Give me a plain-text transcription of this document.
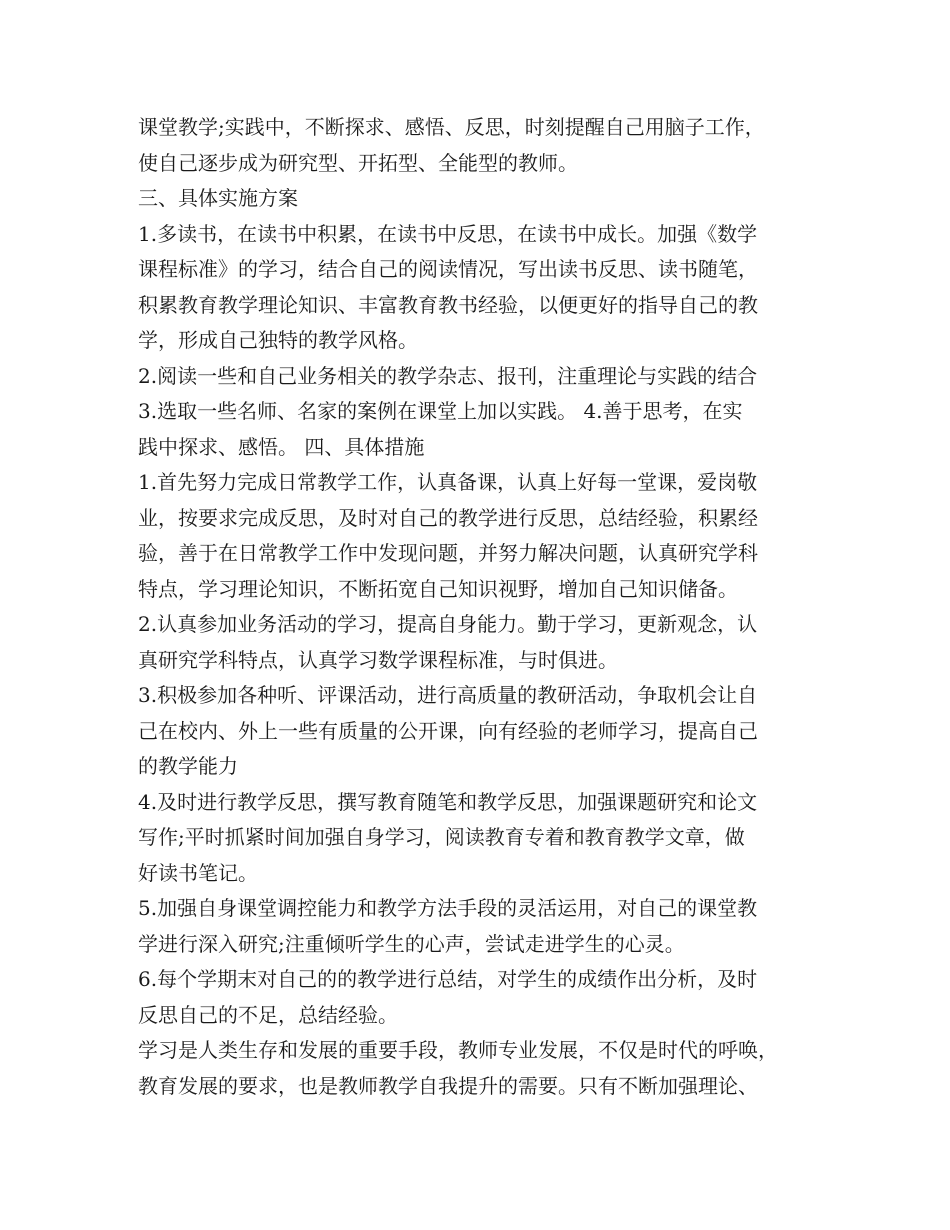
课堂教学;实践中，不断探求、感悟、反思，时刻提醒自己用脑子工作，
使自己逐步成为研究型、开拓型、全能型的教师。
三、具体实施方案
1.多读书，在读书中积累，在读书中反思，在读书中成长。加强《数学
课程标准》的学习，结合自己的阅读情况，写出读书反思、读书随笔，
积累教育教学理论知识、丰富教育教书经验，以便更好的指导自己的教
学，形成自己独特的教学风格。
2.阅读一些和自己业务相关的教学杂志、报刊，注重理论与实践的结合
3.选取一些名师、名家的案例在课堂上加以实践。 4.善于思考，在实
践中探求、感悟。 四、具体措施
1.首先努力完成日常教学工作，认真备课，认真上好每一堂课，爱岗敬
业，按要求完成反思，及时对自己的教学进行反思，总结经验，积累经
验，善于在日常教学工作中发现问题，并努力解决问题，认真研究学科
特点，学习理论知识，不断拓宽自己知识视野，增加自己知识储备。
2.认真参加业务活动的学习，提高自身能力。勤于学习，更新观念，认
真研究学科特点，认真学习数学课程标准，与时俱进。
3.积极参加各种听、评课活动，进行高质量的教研活动，争取机会让自
己在校内、外上一些有质量的公开课，向有经验的老师学习，提高自己
的教学能力
4.及时进行教学反思，撰写教育随笔和教学反思，加强课题研究和论文
写作;平时抓紧时间加强自身学习，阅读教育专着和教育教学文章，做
好读书笔记。
5.加强自身课堂调控能力和教学方法手段的灵活运用，对自己的课堂教
学进行深入研究;注重倾听学生的心声，尝试走进学生的心灵。
6.每个学期末对自己的的教学进行总结，对学生的成绩作出分析，及时
反思自己的不足，总结经验。
学习是人类生存和发展的重要手段，教师专业发展，不仅是时代的呼唤，
教育发展的要求，也是教师教学自我提升的需要。只有不断加强理论、
